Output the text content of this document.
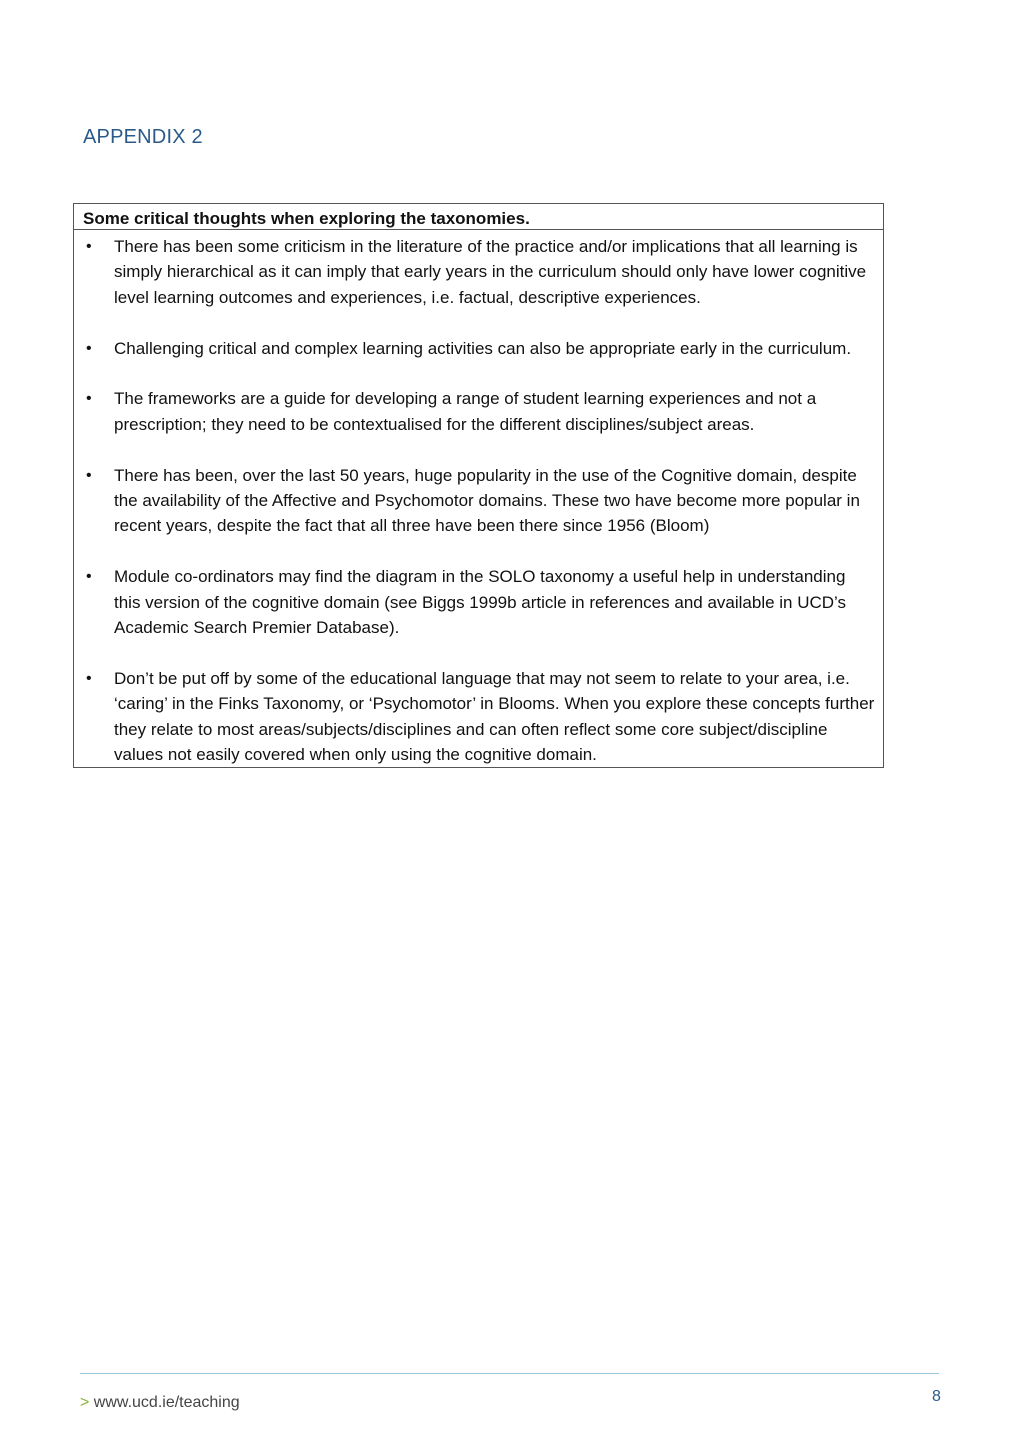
APPENDIX 2
Some critical thoughts when exploring the taxonomies.
• There has been some criticism in the literature of the practice and/or implications that all learning is simply hierarchical as it can imply that early years in the curriculum should only have lower cognitive level learning outcomes and experiences, i.e. factual, descriptive experiences.
• Challenging critical and complex learning activities can also be appropriate early in the curriculum.
• The frameworks are a guide for developing a range of student learning experiences and not a prescription; they need to be contextualised for the different disciplines/subject areas.
• There has been, over the last 50 years, huge popularity in the use of the Cognitive domain, despite the availability of the Affective and Psychomotor domains. These two have become more popular in recent years, despite the fact that all three have been there since 1956 (Bloom)
• Module co-ordinators may find the diagram in the SOLO taxonomy a useful help in understanding this version of the cognitive domain (see Biggs 1999b article in references and available in UCD’s Academic Search Premier Database).
• Don’t be put off by some of the educational language that may not seem to relate to your area, i.e. ‘caring’ in the Finks Taxonomy, or ‘Psychomotor’ in Blooms. When you explore these concepts further they relate to most areas/subjects/disciplines and can often reflect some core subject/discipline values not easily covered when only using the cognitive domain.
> www.ucd.ie/teaching	8
